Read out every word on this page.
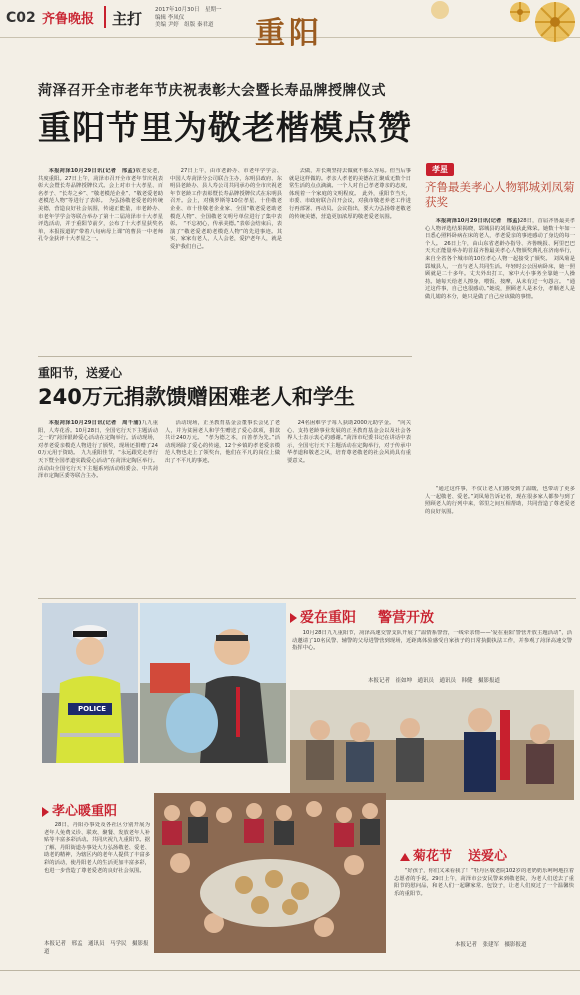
C02 齐鲁晚报 主打 2017年10月30日　星期一
编辑 李凤仪
美编 尹婷　组版 秦君道 重阳
菏泽召开全市老年节庆祝表彰大会暨长寿品牌授牌仪式
重阳节里为敬老楷模点赞
本报菏泽10月29日讯(记者　邢孟)敬老爱老，共度重阳。27日上午，菏泽市召开全市老年节庆祝表彰大会暨长寿品牌授牌仪式。会上对市十大孝星、百名孝子、“长寿之乡”、“敬老模范企业”、“敬老爱老助老模范人物”等进行了表彰。　为弘扬敬老爱老的传统美德，营造良好社会氛围，传递正能量，市老龄办、市老年学学会等联合举办了第十二届菏泽市十大孝星评选活动，并于重阳节前夕，公布了十大孝星获奖名单，本报报道的“带着八旬病母上课”的曹县一中老师孔令金获评十大孝星之一。
27日上午，由市老龄办、市老年学学会、中国人寿菏泽分公司联合主办，东明县政府、东明县老龄办、县人寿公司共同承办的全市庆祝老年节老龄工作表彰暨长寿品牌授牌仪式在东明县召开。会上，对俄罗斯等10位孝星、十佳敬老企业、市十佳敬老企业家、全国“敬老爱老助老模范人物”、全国敬老文明号单位进行了集中表彰。　“不忘初心，传承美德。”表彰会结束后，表演了“敬老爱老助老模范人物”的先进事迹。其实，家家有老人，人人会老，爱护老年人，就是爱护我们自己。
去做，并长期坚持去做就不那么容易。但当后事就是这样做的。孝亲人孝老的美德在汇聚成无数个日常生活的点点滴滴。一个人对自己孝老尊亲的态度，体现着一个家庭的文明程度。　此外，重阳节当天，市委、市政府联合召开会议，对我市敬老养老工作进行再部署、再动员。会议指出，要大力弘扬尊老敬老的传统美德，营造更加浓厚的敬老爱老氛围。
孝星
齐鲁最美孝心人物郓城刘凤菊获奖
本报菏泽10月29日讯(记者　邢孟)28日，首届齐鲁最美孝心人物评选结果揭晓，郓城县的刘凤菊获此殊荣。她数十年如一日悉心照料卧病在床的老人，孝老爱亲的事迹感动了身边的每一个人。　26日上午，由山东省老龄办指导、齐鲁晚报、阿里巴巴天天正能量举办的首届齐鲁最美孝心人物颁奖典礼在济南举行，来自全省各个城市的10位孝心人物一起接受了颁奖。　刘凤菊是郓城县人，一直与老人共同生活。年轻时公公因病卧床，她一照顾就是二十多年。丈夫外出打工，家中大小事务全靠她一人操持。她每天给老人擦身、喂饭、按摩，从未有过一句怨言。　“通过这件事，自己也很感动。”她说，照顾老人是本分，孝顺老人是做儿媳的本分，她只是做了自己应该做的事情。
“通过这件事，不仅让老人们感受到了温暖，也带动了更多人一起敬老、爱老。”刘凤菊告诉记者，现在很多家人都参与到了照顾老人的行列中来，邻里之间互相帮助，共同营造了尊老爱老的良好氛围。
重阳节，送爱心
240万元捐款馈赠困难老人和学生
本报菏泽10月29日讯(记者　周千浦)九九重阳，人寿花香。10月28日，全国宅行天下主题活动之一的“菏泽银龄爱心活动在定陶举行。活动现场，对孝老爱亲模范人物进行了颁奖，现场还捐赠了240万元用于资助。　九九重阳佳节，“永远跟党走孝行天下暨全国孝道实践爱心活动”在菏泽定陶区举行。活动由全国宅行天下主题系列活动组委会、中共菏泽市定陶区委等联合主办。
活动现场，正圣教育基金会董事长会见了老人，并为贫困老人和学生赠送了爱心款项，捐款共计240万元。　“孝为德之本，百善孝为先。”活动现场除了爱心的传递，12个乡镇的孝老爱亲模范人物也走上了领奖台，他们在平凡的岗位上做出了不平凡的事迹。
24名困难学子每人获助2000元助学金。　“向关心、支持老龄事业发展的正圣教育基金会以及社会各界人士表示衷心的感谢。”菏泽市纪委书记在讲话中表示，全国宅行天下主题活动在定陶举行，对于传承中华孝道和敬老之风，培育尊老敬老的社会风尚具有重要意义。
POLICE
爱在重阳 警营开放
10月28日九九重阳节，菏泽高速交警支队开展了“温情系警营，一线牵亲情——‘爱在重阳’警营开放主题活动”，活动邀请了10名民警、辅警的父母进警营到现场，近距离体验感受自家孩子的日常执勤执法工作，并参观了菏泽高速交警指挥中心。
本报记者　崔如坤　通讯员　通讯员　韩健　摄影报道
孝心暖重阳
28日，丹阳办事处及各社区分别开展为老年人免费义诊、联欢、聚餐、发放老年人补贴等丰富多彩活动。共同庆祝九九重阳节。据了解，丹阳街道办事处大力弘扬敬老、爱老、助老的精神，为辖区内的老年人提供了丰富多彩的活动，使丹阳老人的生活更加丰富多彩，也进一步营造了尊老爱老的良好社会氛围。
本报记者　邢孟　通讯员　马学民　摄影报道
菊花节 送爱心
“好孩子，你们又来看我了！”牡丹区敬老院102岁的老奶奶乐呵呵地拉着志愿者的手说。29日上午，菏泽市公安民警来到敬老院，为老人们送去了重阳节的慰问品，和老人们一起聊家常、包饺子，让老人们度过了一个温馨快乐的重阳节。
本报记者　张建军　摄影报道
